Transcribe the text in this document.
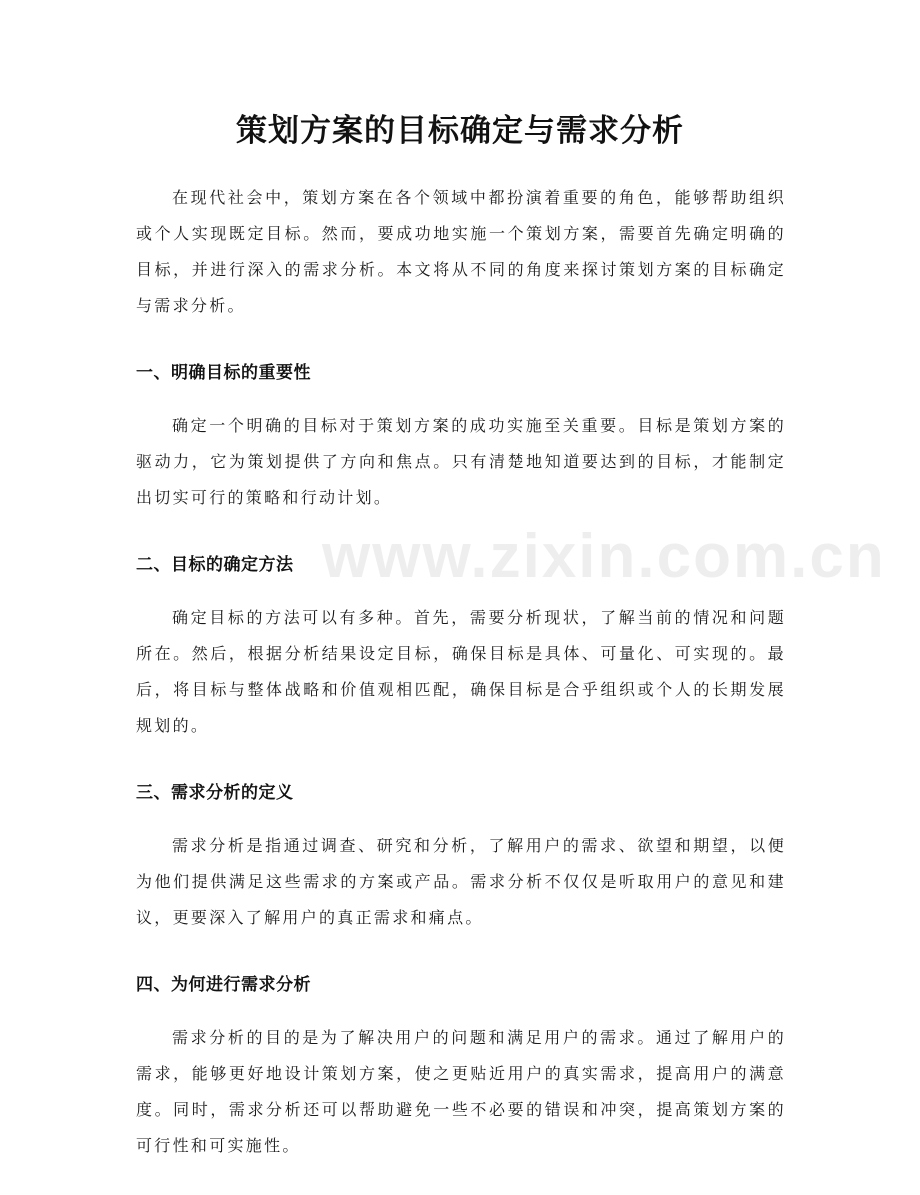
策划方案的目标确定与需求分析

在现代社会中，策划方案在各个领域中都扮演着重要的角色，能够帮助组织或个人实现既定目标。然而，要成功地实施一个策划方案，需要首先确定明确的目标，并进行深入的需求分析。本文将从不同的角度来探讨策划方案的目标确定与需求分析。

一、明确目标的重要性

确定一个明确的目标对于策划方案的成功实施至关重要。目标是策划方案的驱动力，它为策划提供了方向和焦点。只有清楚地知道要达到的目标，才能制定出切实可行的策略和行动计划。

二、目标的确定方法

确定目标的方法可以有多种。首先，需要分析现状，了解当前的情况和问题所在。然后，根据分析结果设定目标，确保目标是具体、可量化、可实现的。最后，将目标与整体战略和价值观相匹配，确保目标是合乎组织或个人的长期发展规划的。

三、需求分析的定义

需求分析是指通过调查、研究和分析，了解用户的需求、欲望和期望，以便为他们提供满足这些需求的方案或产品。需求分析不仅仅是听取用户的意见和建议，更要深入了解用户的真正需求和痛点。

四、为何进行需求分析

需求分析的目的是为了解决用户的问题和满足用户的需求。通过了解用户的需求，能够更好地设计策划方案，使之更贴近用户的真实需求，提高用户的满意度。同时，需求分析还可以帮助避免一些不必要的错误和冲突，提高策划方案的可行性和可实施性。

www.zixin.com.cn
